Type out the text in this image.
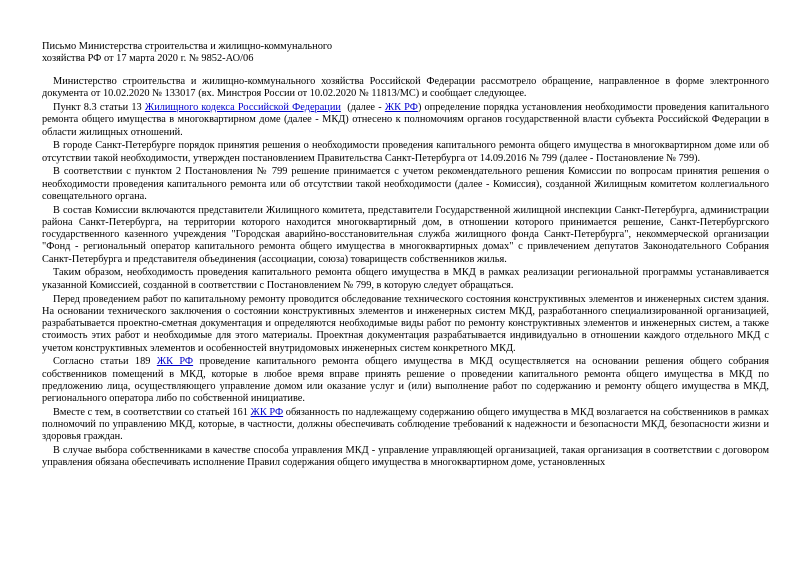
Письмо Министерства строительства и жилищно-коммунального
хозяйства РФ от 17 марта 2020 г. № 9852-АО/06

Министерство строительства и жилищно-коммунального хозяйства Российской Федерации рассмотрело обращение, направленное в форме электронного документа от 10.02.2020 № 133017 (вх. Минстроя России от 10.02.2020 № 11813/МС) и сообщает следующее.

Пункт 8.3 статьи 13 Жилищного кодекса Российской Федерации  (далее - ЖК РФ) определение порядка установления необходимости проведения капитального ремонта общего имущества в многоквартирном доме (далее - МКД) отнесено к полномочиям органов государственной власти субъекта Российской Федерации в области жилищных отношений.

В городе Санкт-Петербурге порядок принятия решения о необходимости проведения капитального ремонта общего имущества в многоквартирном доме или об отсутствии такой необходимости, утвержден постановлением Правительства Санкт-Петербурга от 14.09.2016 № 799 (далее - Постановление № 799).

В соответствии с пунктом 2 Постановления № 799 решение принимается с учетом рекомендательного решения Комиссии по вопросам принятия решения о необходимости проведения капитального ремонта или об отсутствии такой необходимости (далее - Комиссия), созданной Жилищным комитетом коллегиального совещательного органа.

В состав Комиссии включаются представители Жилищного комитета, представители Государственной жилищной инспекции Санкт-Петербурга, администрации района Санкт-Петербурга, на территории которого находится многоквартирный дом, в отношении которого принимается решение, Санкт-Петербургского государственного казенного учреждения "Городская аварийно-восстановительная служба жилищного фонда Санкт-Петербурга", некоммерческой организации "Фонд - региональный оператор капитального ремонта общего имущества в многоквартирных домах" с привлечением депутатов Законодательного Собрания Санкт-Петербурга и представителя объединения (ассоциации, союза) товариществ собственников жилья.

Таким образом, необходимость проведения капитального ремонта общего имущества в МКД в рамках реализации региональной программы устанавливается указанной Комиссией, созданной в соответствии с Постановлением № 799, в которую следует обращаться.

Перед проведением работ по капитальному ремонту проводится обследование технического состояния конструктивных элементов и инженерных систем здания. На основании технического заключения о состоянии конструктивных элементов и инженерных систем МКД, разработанного специализированной организацией, разрабатывается проектно-сметная документация и определяются необходимые виды работ по ремонту конструктивных элементов и инженерных систем, а также стоимость этих работ и необходимые для этого материалы. Проектная документация разрабатывается индивидуально в отношении каждого отдельного МКД с учетом конструктивных элементов и особенностей внутридомовых инженерных систем конкретного МКД.

Согласно статьи 189 ЖК РФ проведение капитального ремонта общего имущества в МКД осуществляется на основании решения общего собрания собственников помещений в МКД, которые в любое время вправе принять решение о проведении капитального ремонта общего имущества в МКД по предложению лица, осуществляющего управление домом или оказание услуг и (или) выполнение работ по содержанию и ремонту общего имущества в МКД, регионального оператора либо по собственной инициативе.

Вместе с тем, в соответствии со статьей 161 ЖК РФ обязанность по надлежащему содержанию общего имущества в МКД возлагается на собственников в рамках полномочий по управлению МКД, которые, в частности, должны обеспечивать соблюдение требований к надежности и безопасности МКД, безопасности жизни и здоровья граждан.

В случае выбора собственниками в качестве способа управления МКД - управление управляющей организацией, такая организация в соответствии с договором управления обязана обеспечивать исполнение Правил содержания общего имущества в многоквартирном доме, установленных
